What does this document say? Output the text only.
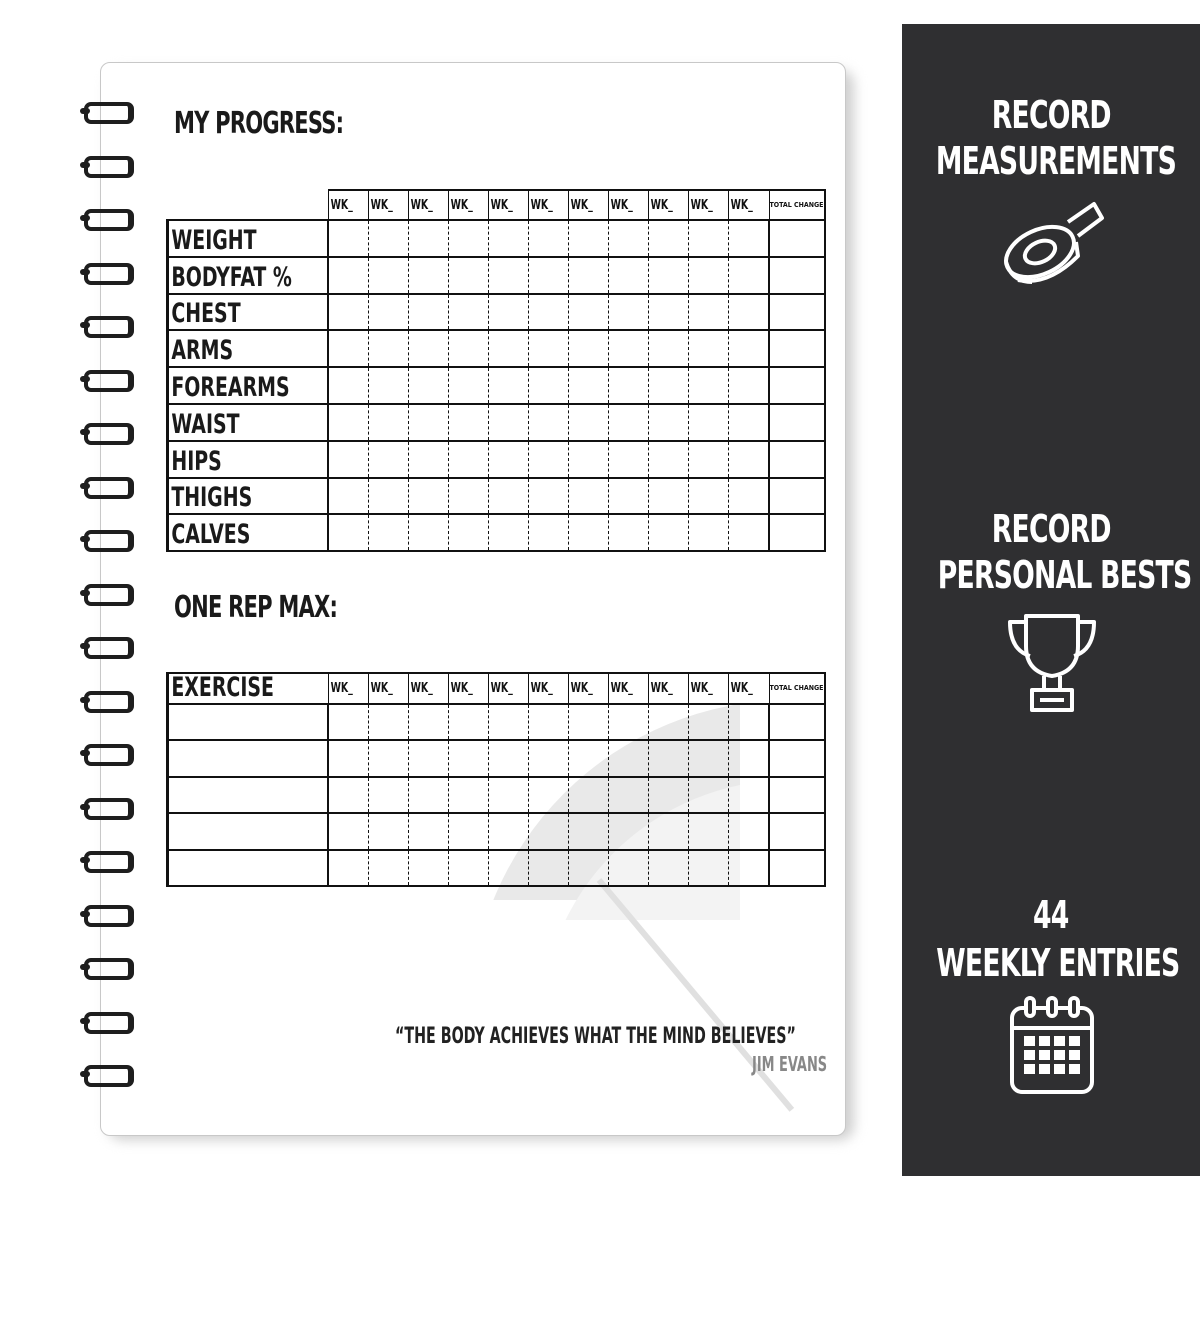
MY PROGRESS:
	WK_	WK_	WK_	WK_	WK_	WK_	WK_	WK_	WK_	WK_	WK_	TOTAL CHANGE
WEIGHT												
BODYFAT %												
CHEST												
ARMS												
FOREARMS												
WAIST												
HIPS												
THIGHS												
CALVES												
ONE REP MAX:
EXERCISE	WK_	WK_	WK_	WK_	WK_	WK_	WK_	WK_	WK_	WK_	WK_	TOTAL CHANGE

“THE BODY ACHIEVES WHAT THE MIND BELIEVES”
JIM EVANS
RECORD
MEASUREMENTS
RECORD
PERSONAL BESTS
44
WEEKLY ENTRIES
